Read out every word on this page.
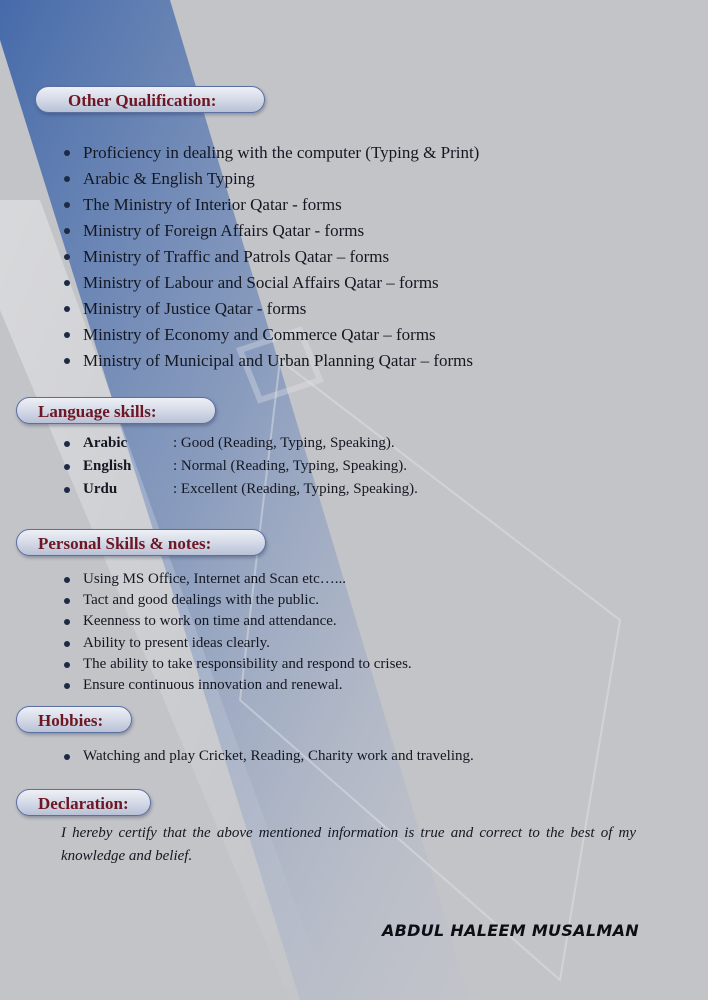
Other Qualification:
Proficiency in dealing with the computer (Typing & Print)
Arabic & English Typing
The Ministry of Interior Qatar - forms
Ministry of Foreign Affairs Qatar - forms
Ministry of Traffic and Patrols Qatar – forms
Ministry of Labour and Social Affairs Qatar – forms
Ministry of Justice Qatar - forms
Ministry of Economy and Commerce Qatar – forms
Ministry of Municipal and Urban Planning Qatar – forms
Language skills:
Arabic	: Good (Reading, Typing, Speaking).
English	: Normal (Reading, Typing, Speaking).
Urdu	: Excellent (Reading, Typing, Speaking).
Personal Skills & notes:
Using MS Office, Internet and Scan etc…...
Tact and good dealings with the public.
Keenness to work on time and attendance.
Ability to present ideas clearly.
The ability to take responsibility and respond to crises.
Ensure continuous innovation and renewal.
Hobbies:
Watching and play Cricket, Reading, Charity work and traveling.
Declaration:

I hereby certify that the above mentioned information is true and correct to the best of my knowledge and belief.

ABDUL HALEEM MUSALMAN
